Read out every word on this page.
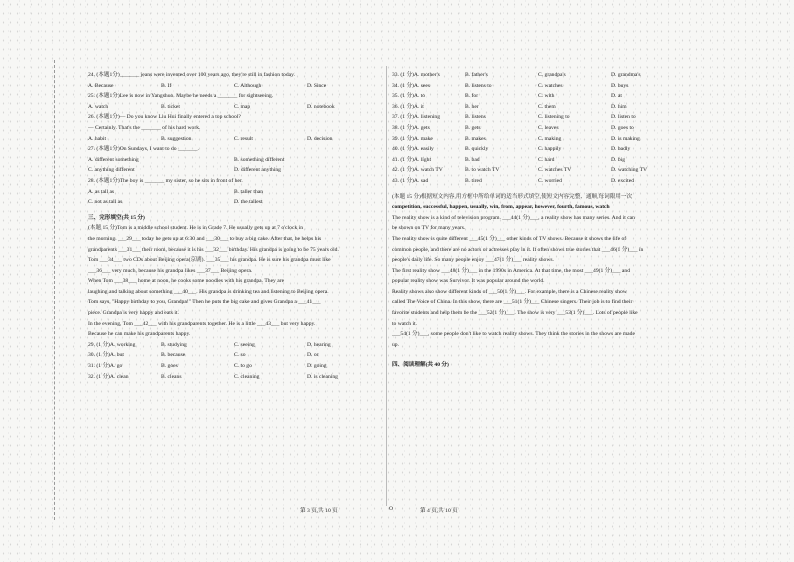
24. (本题1分)_______ jeans were invented over 100 years ago, they're still in fashion today.
A. Because	B. If	C. Although	D. Since
25. (本题1分)Lee is now in Yangshuo. Maybe he needs a _______ for sightseeing.
A. watch	B. ticket	C. map	D. notebook
26. (本题1分)— Do you know Liu Hui finally entered a top school?
— Certainly. That's the _______ of his hard work.
A. habit	B. suggestion	C. result	D. decision
27. (本题1分)On Sundays, I want to do _______.
A. different something	B. something different
C. anything different	D. different anything
28. (本题1分)The boy is _______ my sister, so he sits in front of her.
A. as tall as	B. taller than
C. not as tall as	D. the tallest
三、完形填空(共 15 分)
(本题 15 分)Tom is a middle school student. He is in Grade 7. He usually gets up at 7 o'clock in
the morning. ___29___ today he gets up at 6:30 and ___30___ to buy a big cake. After that, he helps his
grandparents ___31___ their room, because it is his ___32___ birthday. His grandpa is going to be 75 years old.
Tom ___34___ two CDs about Beijing opera(京剧). ___35___ his grandpa. He is sure his grandpa must like
___36___ very much, because his grandpa likes ___37___ Beijing opera.
When Tom ___38___ home at noon, he cooks some noodles with his grandpa. They are
laughing and talking about something ___40___. His grandpa is drinking tea and listening to Beijing opera.
Tom says, "Happy birthday to you, Grandpa!" Then he puts the big cake and gives Grandpa a ___41___
piece. Grandpa is very happy and eats it.
In the evening, Tom ___42___ with his grandparents together. He is a little ___43___ but very happy.
Because he can make his grandparents happy.
29. (1 分)A. working	B. studying	C. seeing	D. hearing
30. (1 分)A. but	B. because	C. so	D. or
31. (1 分)A. go	B. goes	C. to go	D. going
32. (1 分)A. clean	B. cleans	C. cleaning	D. is cleaning
33. (1 分)A. mother's	B. father's	C. grandpa's	D. grandma's
34. (1 分)A. sees	B. listens to	C. watches	D. buys
35. (1 分)A. to	B. for	C. with	D. at
36. (1 分)A. it	B. her	C. them	D. him
37. (1 分)A. listening	B. listens	C. listening to	D. listen to
38. (1 分)A. gets	B. gets	C. leaves	D. goes to
39. (1 分)A. make	B. makes	C. making	D. is making
40. (1 分)A. easily	B. quickly	C. happily	D. badly
41. (1 分)A. light	B. bad	C. hard	D. big
42. (1 分)A. watch TV	B. to watch TV	C. watches TV	D. watching TV
43. (1 分)A. sad	B. tired	C. worried	D. excited
(本题 15 分)根据短文内容,用方框中所给单词的适当形式填空,使短文内容完整、通顺,每词限用一次
competition, successful, happen, usually, win, from, appear, however, fourth, famous, watch
The reality show is a kind of television program. ___44(1 分)___, a reality show has many series. And it can
be shown on TV for many years.
The reality show is quite different ___45(1 分)___ other kinds of TV shows. Because it shows the life of
common people, and there are no actors or actresses play in it. It often shows true stories that ___46(1 分)___ in
people's daily life. So many people enjoy ___47(1 分)___ reality shows.
The first reality show ___48(1 分)___ in the 1990s in America. At that time, the most ___49(1 分)___ and
popular reality show was Survivor. It was popular around the world.
Reality shows also show different kinds of ___50(1 分)___. For example, there is a Chinese reality show
called The Voice of China. In this show, there are ___51(1 分)___ Chinese singers. Their job is to find their
favorite students and help them be the ___52(1 分)___. The show is very ___53(1 分)___. Lots of people like
to watch it.
___54(1 分)___, some people don't like to watch reality shows. They think the stories in the shows are made
up.
四、阅读理解(共 40 分)
第 3 页,共 10 页	O	第 4 页,共 10 页
